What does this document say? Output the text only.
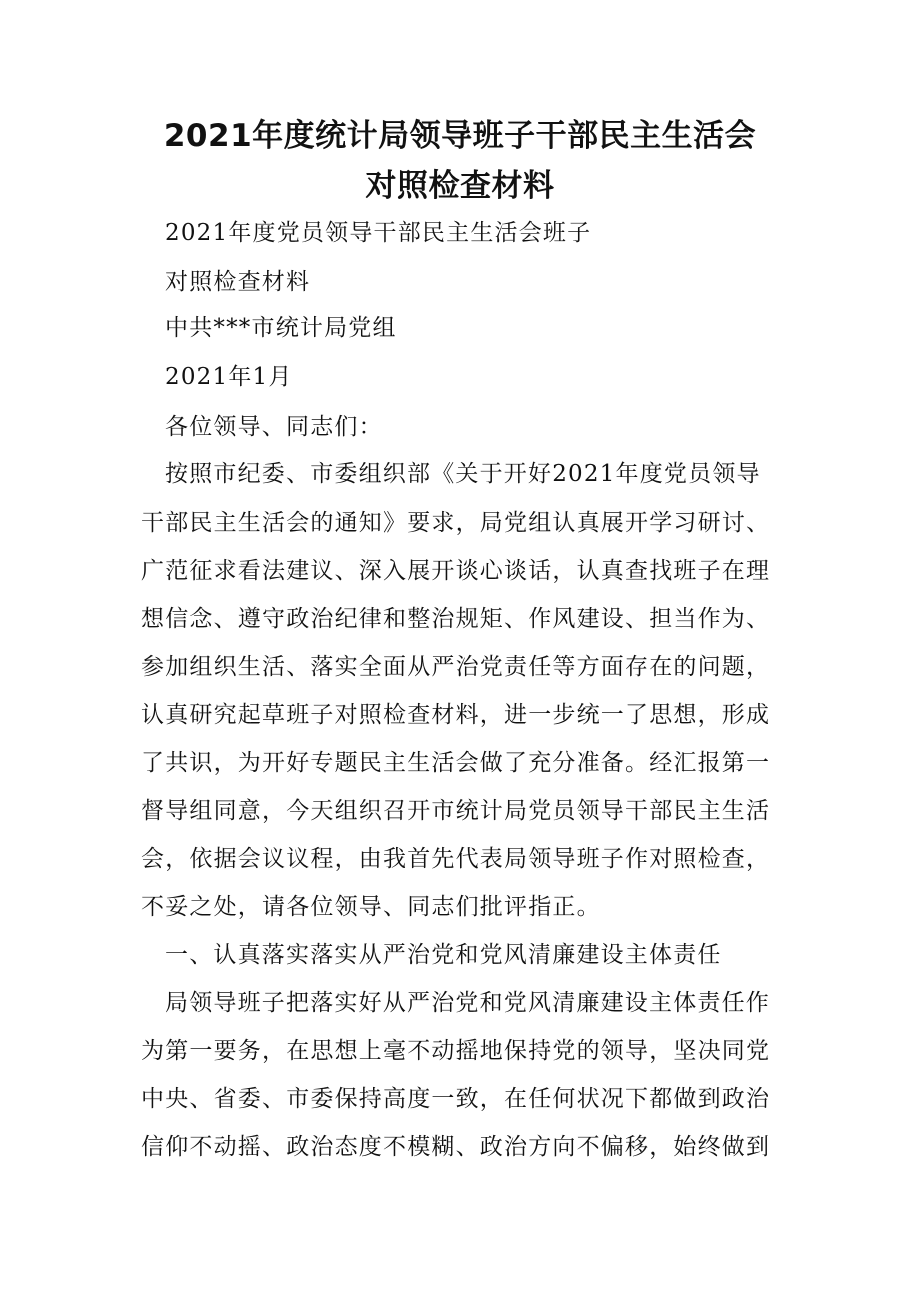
2021年度统计局领导班子干部民主生活会
对照检查材料
2021年度党员领导干部民主生活会班子
对照检查材料
中共***市统计局党组
2021年1月
各位领导、同志们：
按照市纪委、市委组织部《关于开好2021年度党员领导
干部民主生活会的通知》要求，局党组认真展开学习研讨、
广范征求看法建议、深入展开谈心谈话，认真查找班子在理
想信念、遵守政治纪律和整治规矩、作风建设、担当作为、
参加组织生活、落实全面从严治党责任等方面存在的问题，
认真研究起草班子对照检查材料，进一步统一了思想，形成
了共识，为开好专题民主生活会做了充分准备。经汇报第一
督导组同意，今天组织召开市统计局党员领导干部民主生活
会，依据会议议程，由我首先代表局领导班子作对照检查，
不妥之处，请各位领导、同志们批评指正。
一、认真落实落实从严治党和党风清廉建设主体责任
局领导班子把落实好从严治党和党风清廉建设主体责任作
为第一要务，在思想上毫不动摇地保持党的领导，坚决同党
中央、省委、市委保持高度一致，在任何状况下都做到政治
信仰不动摇、政治态度不模糊、政治方向不偏移，始终做到
